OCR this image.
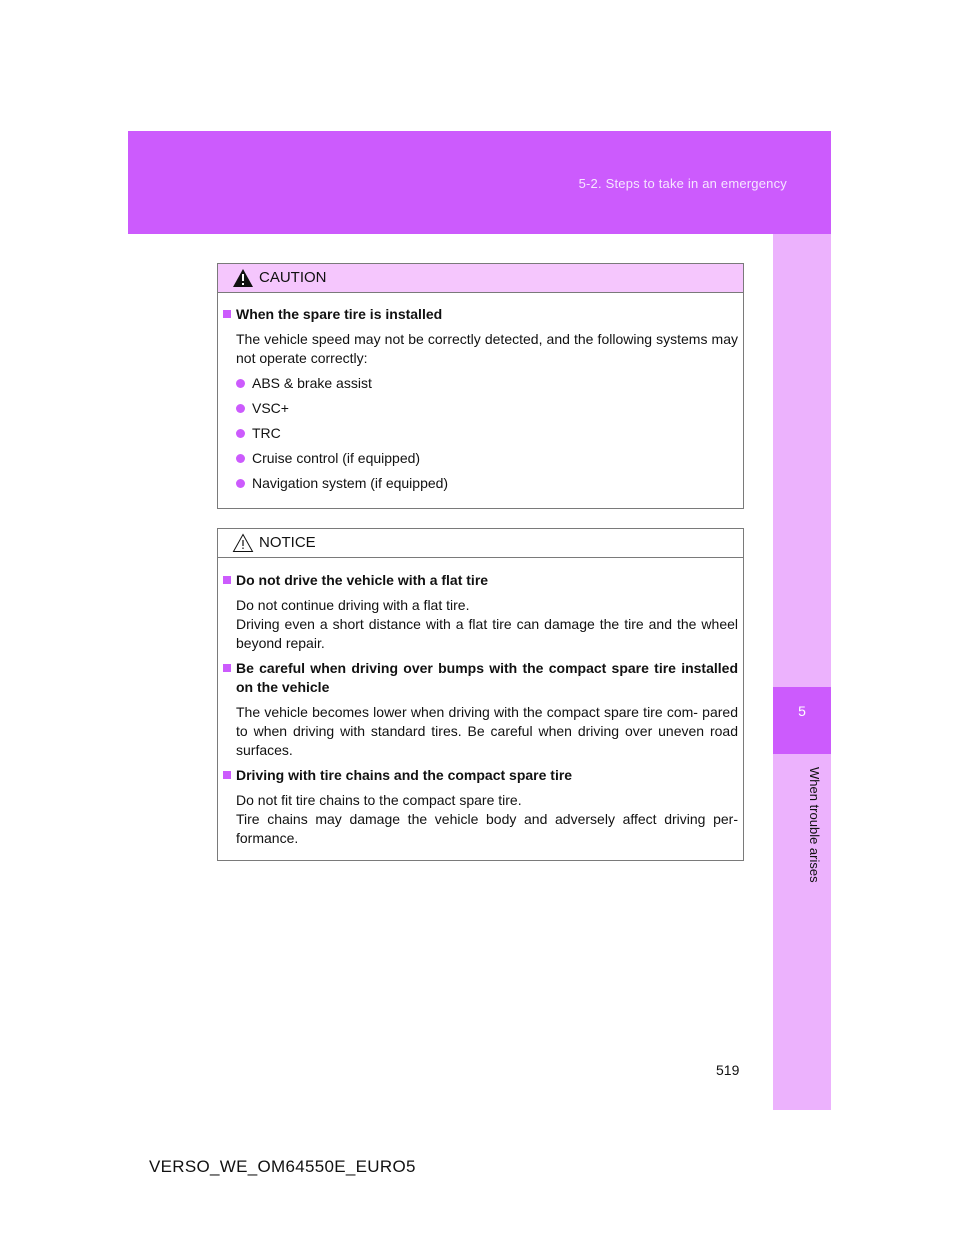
5-2. Steps to take in an emergency
5
When trouble arises
CAUTION
When the spare tire is installed
The vehicle speed may not be correctly detected, and the following systems may not operate correctly:
ABS & brake assist
VSC+
TRC
Cruise control (if equipped)
Navigation system (if equipped)
NOTICE
Do not drive the vehicle with a flat tire
Do not continue driving with a flat tire.
Driving even a short distance with a flat tire can damage the tire and the wheel beyond repair.
Be careful when driving over bumps with the compact spare tire installed on the vehicle
The vehicle becomes lower when driving with the compact spare tire com- pared to when driving with standard tires. Be careful when driving over uneven road surfaces.
Driving with tire chains and the compact spare tire
Do not fit tire chains to the compact spare tire.
Tire chains may damage the vehicle body and adversely affect driving per- formance.
519
VERSO_WE_OM64550E_EURO5
